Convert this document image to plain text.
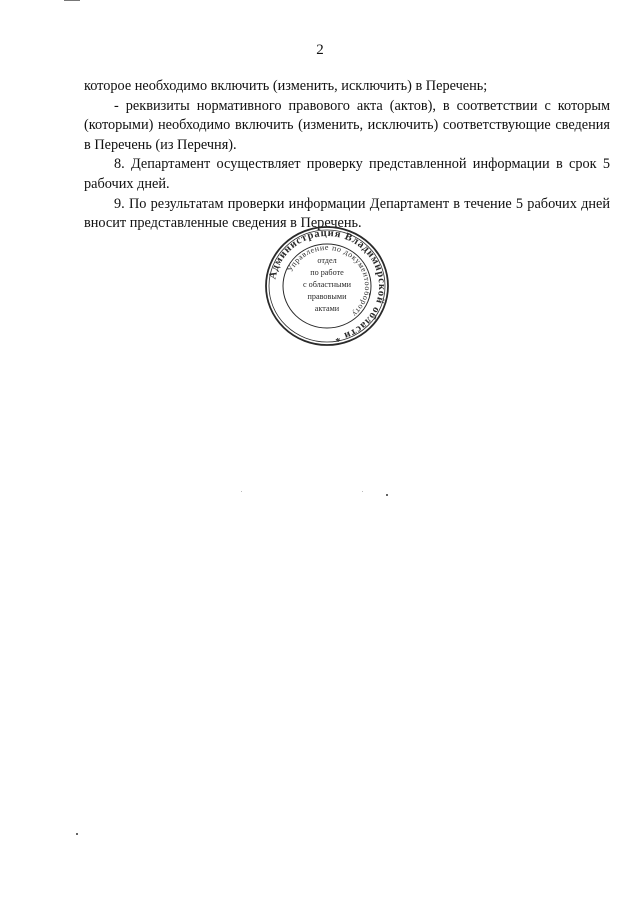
2

которое необходимо включить (изменить, исключить) в Перечень;

- реквизиты нормативного правового акта (актов), в соответствии с которым (которыми) необходимо включить (изменить, исключить) соответствующие сведения в Перечень (из Перечня).

8. Департамент осуществляет проверку представленной информации в срок 5 рабочих дней.

9. По результатам проверки информации Департамент в течение 5 рабочих дней вносит представленные сведения в Перечень.

Администрация Владимирской области *
Управление по документообороту
отдел
по работе
с областными
правовыми
актами
